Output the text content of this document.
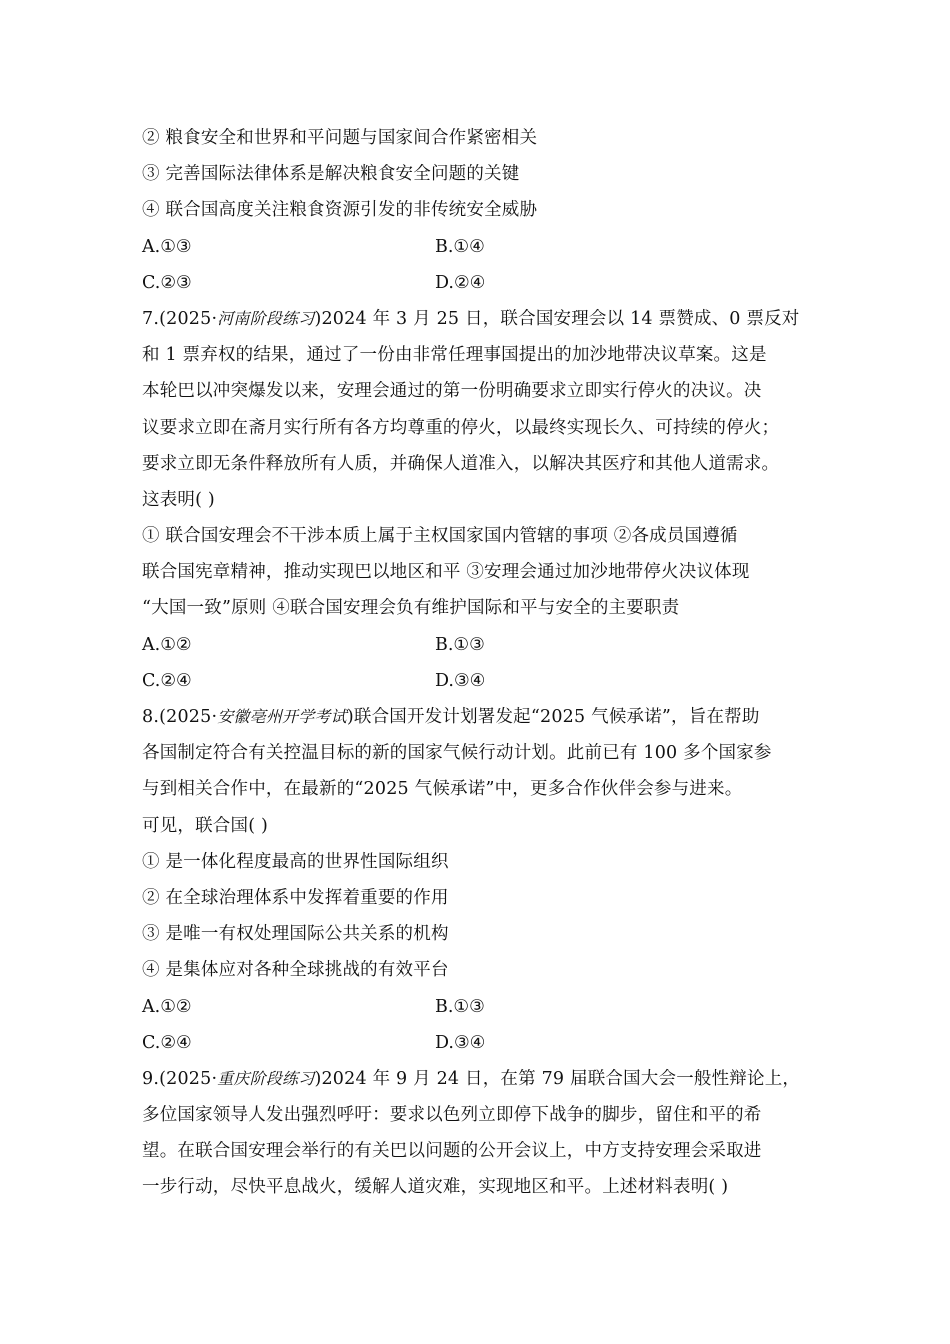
② 粮食安全和世界和平问题与国家间合作紧密相关
③ 完善国际法律体系是解决粮食安全问题的关键
④ 联合国高度关注粮食资源引发的非传统安全威胁
A.①③	B.①④
C.②③	D.②④
7.(2025·河南阶段练习)2024 年 3 月 25 日，联合国安理会以 14 票赞成、0 票反对
和 1 票弃权的结果，通过了一份由非常任理事国提出的加沙地带决议草案。这是
本轮巴以冲突爆发以来，安理会通过的第一份明确要求立即实行停火的决议。决
议要求立即在斋月实行所有各方均尊重的停火，以最终实现长久、可持续的停火；
要求立即无条件释放所有人质，并确保人道准入，以解决其医疗和其他人道需求。
这表明( )
① 联合国安理会不干涉本质上属于主权国家国内管辖的事项 ②各成员国遵循
联合国宪章精神，推动实现巴以地区和平 ③安理会通过加沙地带停火决议体现
“大国一致”原则 ④联合国安理会负有维护国际和平与安全的主要职责
A.①②	B.①③
C.②④	D.③④
8.(2025·安徽亳州开学考试)联合国开发计划署发起“2025 气候承诺”，旨在帮助
各国制定符合有关控温目标的新的国家气候行动计划。此前已有 100 多个国家参
与到相关合作中，在最新的“2025 气候承诺”中，更多合作伙伴会参与进来。
可见，联合国( )
① 是一体化程度最高的世界性国际组织
② 在全球治理体系中发挥着重要的作用
③ 是唯一有权处理国际公共关系的机构
④ 是集体应对各种全球挑战的有效平台
A.①②	B.①③
C.②④	D.③④
9.(2025·重庆阶段练习)2024 年 9 月 24 日，在第 79 届联合国大会一般性辩论上，
多位国家领导人发出强烈呼吁：要求以色列立即停下战争的脚步，留住和平的希
望。在联合国安理会举行的有关巴以问题的公开会议上，中方支持安理会采取进
一步行动，尽快平息战火，缓解人道灾难，实现地区和平。上述材料表明( )
